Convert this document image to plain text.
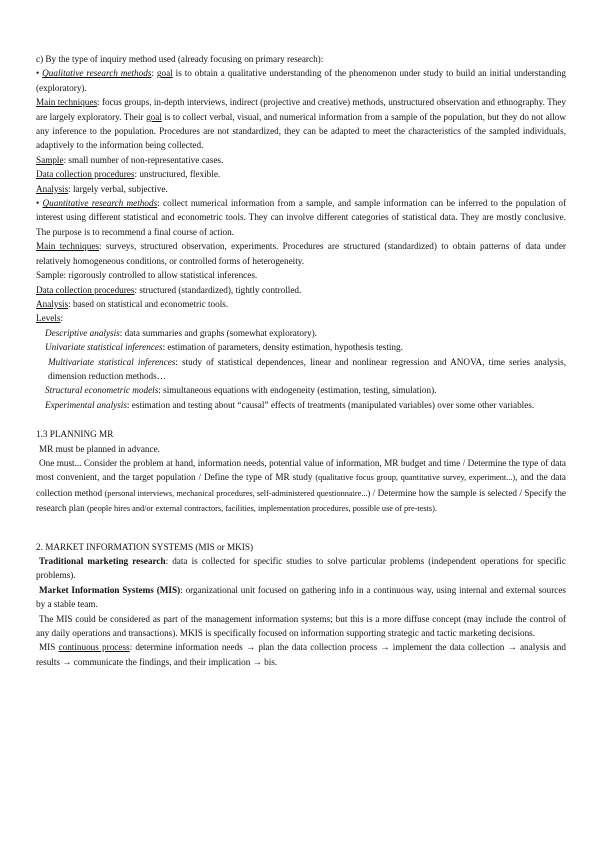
c) By the type of inquiry method used (already focusing on primary research):

• Qualitative research methods: goal is to obtain a qualitative understanding of the phenomenon under study to build an initial understanding (exploratory).

Main techniques: focus groups, in-depth interviews, indirect (projective and creative) methods, unstructured observation and ethnography. They are largely exploratory. Their goal is to collect verbal, visual, and numerical information from a sample of the population, but they do not allow any inference to the population. Procedures are not standardized, they can be adapted to meet the characteristics of the sampled individuals, adaptively to the information being collected.

Sample: small number of non-representative cases.

Data collection procedures: unstructured, flexible.

Analysis: largely verbal, subjective.

• Quantitative research methods: collect numerical information from a sample, and sample information can be inferred to the population of interest using different statistical and econometric tools. They can involve different categories of statistical data. They are mostly conclusive. The purpose is to recommend a final course of action.

Main techniques: surveys, structured observation, experiments. Procedures are structured (standardized) to obtain patterns of data under relatively homogeneous conditions, or controlled forms of heterogeneity.

Sample: rigorously controlled to allow statistical inferences.

Data collection procedures: structured (standardized), tightly controlled.

Analysis: based on statistical and econometric tools.

Levels:

Descriptive analysis: data summaries and graphs (somewhat exploratory).

Univariate statistical inferences: estimation of parameters, density estimation, hypothesis testing.

Multivariate statistical inferences: study of statistical dependences, linear and nonlinear regression and ANOVA, time series analysis, dimension reduction methods…

Structural econometric models: simultaneous equations with endogeneity (estimation, testing, simulation).

Experimental analysis: estimation and testing about “causal” effects of treatments (manipulated variables) over some other variables.

1.3 PLANNING MR

MR must be planned in advance.

One must... Consider the problem at hand, information needs, potential value of information, MR budget and time / Determine the type of data most convenient, and the target population / Define the type of MR study (qualitative focus group, quantitative survey, experiment...), and the data collection method (personal interviews, mechanical procedures, self-administered questionnaire...) / Determine how the sample is selected / Specify the research plan (people hires and/or external contractors, facilities, implementation procedures, possible use of pre-tests).

2. MARKET INFORMATION SYSTEMS (MIS or MKIS)

Traditional marketing research: data is collected for specific studies to solve particular problems (independent operations for specific problems).

Market Information Systems (MIS): organizational unit focused on gathering info in a continuous way, using internal and external sources by a stable team.

The MIS could be considered as part of the management information systems; but this is a more diffuse concept (may include the control of any daily operations and transactions). MKIS is specifically focused on information supporting strategic and tactic marketing decisions.

MIS continuous process: determine information needs → plan the data collection process → implement the data collection → analysis and results → communicate the findings, and their implication → bis.
